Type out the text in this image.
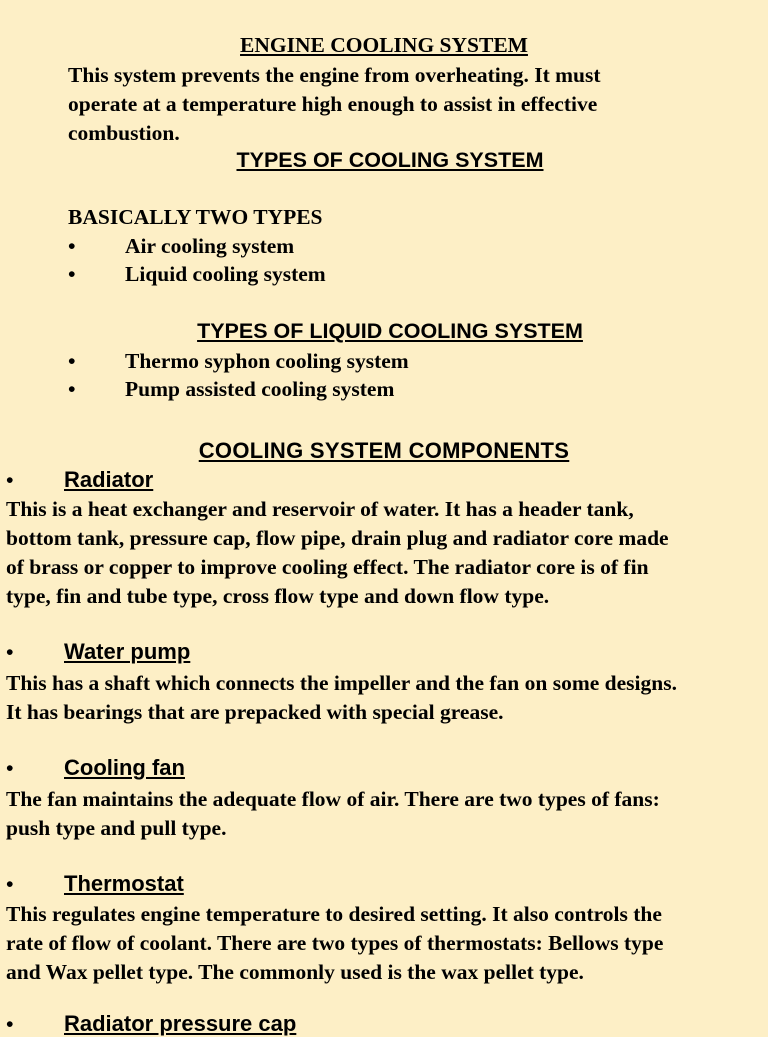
ENGINE COOLING SYSTEM
This system prevents the engine from overheating. It must
operate at a temperature high enough to assist in effective
combustion.
TYPES OF COOLING SYSTEM
BASICALLY TWO TYPES
• Air cooling system
• Liquid cooling system
TYPES OF LIQUID COOLING SYSTEM
• Thermo syphon cooling system
• Pump assisted cooling system
COOLING SYSTEM COMPONENTS
• Radiator
This is a heat exchanger and reservoir of water. It has a header tank,
bottom tank, pressure cap, flow pipe, drain plug and radiator core made
of brass or copper to improve cooling effect. The radiator core is of fin
type, fin and tube type, cross flow type and down flow type.
• Water pump
This has a shaft which connects the impeller and the fan on some designs.
It has bearings that are prepacked with special grease.
• Cooling fan
The fan maintains the adequate flow of air. There are two types of fans:
push type and pull type.
• Thermostat
This regulates engine temperature to desired setting. It also controls the
rate of flow of coolant. There are two types of thermostats: Bellows type
and Wax pellet type. The commonly used is the wax pellet type.
• Radiator pressure cap
